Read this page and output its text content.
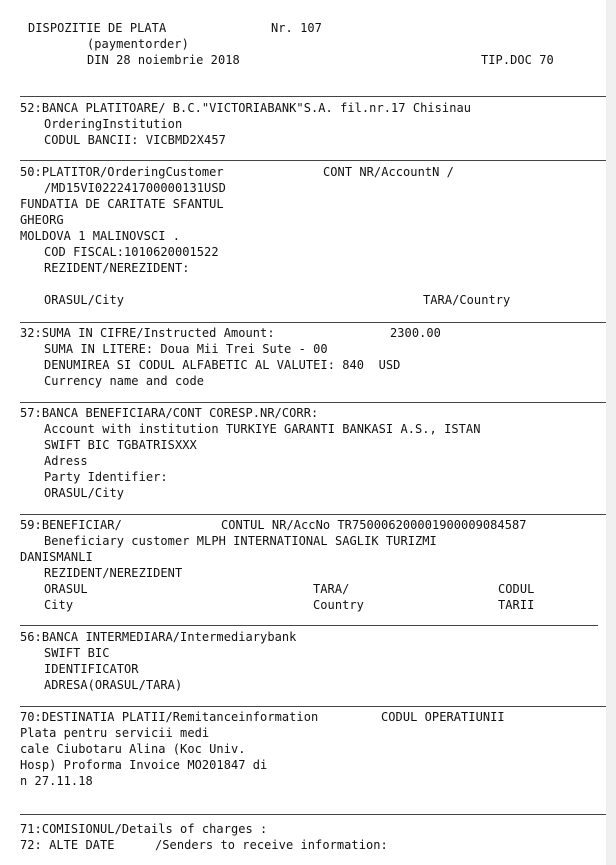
DISPOZITIE DE PLATA	Nr. 107
(paymentorder)
DIN 28 noiembrie 2018	TIP.DOC 70
52:BANCA PLATITOARE/ B.C."VICTORIABANK"S.A. fil.nr.17 Chisinau
OrderingInstitution
CODUL BANCII: VICBMD2X457
50:PLATITOR/OrderingCustomer	CONT NR/AccountN /
/MD15VI022241700000131USD
FUNDATIA DE CARITATE SFANTUL
GHEORG
MOLDOVA 1 MALINOVSCI .
COD FISCAL:1010620001522
REZIDENT/NEREZIDENT:
ORASUL/City	TARA/Country
32:SUMA IN CIFRE/Instructed Amount:	2300.00
SUMA IN LITERE: Doua Mii Trei Sute - 00
DENUMIREA SI CODUL ALFABETIC AL VALUTEI: 840  USD
Currency name and code
57:BANCA BENEFICIARA/CONT CORESP.NR/CORR:
Account with institution TURKIYE GARANTI BANKASI A.S., ISTAN
SWIFT BIC TGBATRISXXX
Adress
Party Identifier:
ORASUL/City
59:BENEFICIAR/	CONTUL NR/AccNo TR750006200001900009084587
Beneficiary customer MLPH INTERNATIONAL SAGLIK TURIZMI
DANISMANLI
REZIDENT/NEREZIDENT
ORASUL	TARA/	CODUL
City	Country	TARII
56:BANCA INTERMEDIARA/Intermediarybank
SWIFT BIC
IDENTIFICATOR
ADRESA(ORASUL/TARA)
70:DESTINATIA PLATII/Remitanceinformation	CODUL OPERATIUNII
Plata pentru servicii medi
cale Ciubotaru Alina (Koc Univ.
Hosp) Proforma Invoice MO201847 di
n 27.11.18
71:COMISIONUL/Details of charges :
72: ALTE DATE	/Senders to receive information:
